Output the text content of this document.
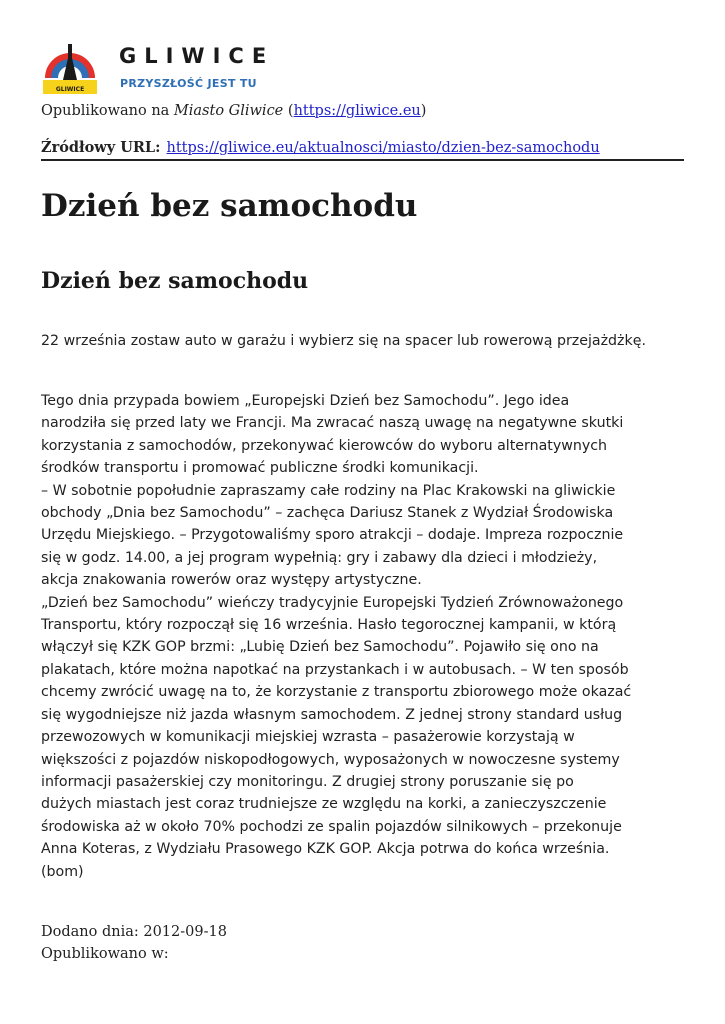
GLIWICE
GLIWICE
PRZYSZŁOŚĆ JEST TU
Opublikowano na Miasto Gliwice (https://gliwice.eu)
Źródłowy URL: https://gliwice.eu/aktualnosci/miasto/dzien-bez-samochodu
Dzień bez samochodu
Dzień bez samochodu

22 września zostaw auto w garażu i wybierz się na spacer lub rowerową przejażdżkę.

Tego dnia przypada bowiem „Europejski Dzień bez Samochodu”. Jego idea
narodziła się przed laty we Francji. Ma zwracać naszą uwagę na negatywne skutki
korzystania z samochodów, przekonywać kierowców do wyboru alternatywnych
środków transportu i promować publiczne środki komunikacji.
– W sobotnie popołudnie zapraszamy całe rodziny na Plac Krakowski na gliwickie
obchody „Dnia bez Samochodu” – zachęca Dariusz Stanek z Wydział Środowiska
Urzędu Miejskiego. – Przygotowaliśmy sporo atrakcji – dodaje. Impreza rozpocznie
się w godz. 14.00, a jej program wypełnią: gry i zabawy dla dzieci i młodzieży,
akcja znakowania rowerów oraz występy artystyczne.
„Dzień bez Samochodu” wieńczy tradycyjnie Europejski Tydzień Zrównoważonego
Transportu, który rozpoczął się 16 września. Hasło tegorocznej kampanii, w którą
włączył się KZK GOP brzmi: „Lubię Dzień bez Samochodu”. Pojawiło się ono na
plakatach, które można napotkać na przystankach i w autobusach. – W ten sposób
chcemy zwrócić uwagę na to, że korzystanie z transportu zbiorowego może okazać
się wygodniejsze niż jazda własnym samochodem. Z jednej strony standard usług
przewozowych w komunikacji miejskiej wzrasta – pasażerowie korzystają w
większości z pojazdów niskopodłogowych, wyposażonych w nowoczesne systemy
informacji pasażerskiej czy monitoringu. Z drugiej strony poruszanie się po
dużych miastach jest coraz trudniejsze ze względu na korki, a zanieczyszczenie
środowiska aż w około 70% pochodzi ze spalin pojazdów silnikowych – przekonuje
Anna Koteras, z Wydziału Prasowego KZK GOP. Akcja potrwa do końca września.
(bom)
Dodano dnia: 2012-09-18
Opublikowano w:
